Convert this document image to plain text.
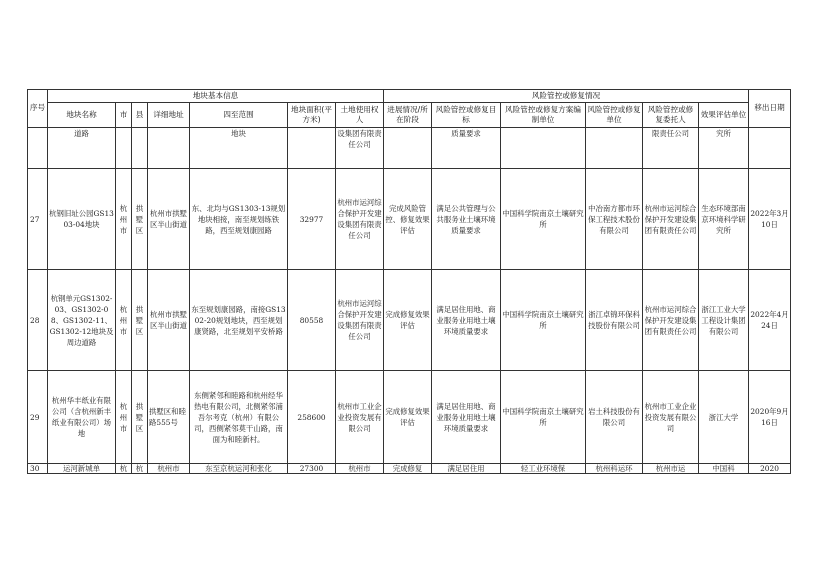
序号	地块基本信息							风险管控或修复情况						移出日期
	地块名称	市	县	详细地址	四至范围	地块面积(平方米)	土地使用权人	进展情况/所在阶段	风险管控或修复目标	风险管控或修复方案编制单位	风险管控或修复单位	风险管控或修复委托人	效果评估单位	
	道路				地块		设集团有限责任公司		质量要求			限责任公司	究所	
27	杭钢旧址公园GS1303-04地块	杭州市	拱墅区	杭州市拱墅区半山街道	东、北均与GS1303-13规划地块相接，南至规划练铁路，西至规划康园路	32977	杭州市运河综合保护开发建设集团有限责任公司	完成风险管控、修复效果评估	满足公共管理与公共服务业土壤环境质量要求	中国科学院南京土壤研究所	中冶南方都市环保工程技术股份有限公司	杭州市运河综合保护开发建设集团有限责任公司	生态环境部南京环境科学研究所	2022年3月10日
28	杭钢单元GS1302-03、GS1302-08、GS1302-11、GS1302-12地块及周边道路	杭州市	拱墅区	杭州市拱墅区半山街道	东至规划康园路，南接GS1302-20规划地块，西至规划康贤路，北至规划平安桥路	80558	杭州市运河综合保护开发建设集团有限责任公司	完成修复效果评估	满足居住用地、商业服务业用地土壤环境质量要求	中国科学院南京土壤研究所	浙江卓锦环保科技股份有限公司	杭州市运河综合保护开发建设集团有限责任公司	浙江工业大学工程设计集团有限公司	2022年4月24日
29	杭州华丰纸业有限公司（含杭州新丰纸业有限公司）场地	杭州市	拱墅区	拱墅区和睦路555号	东侧紧邻和睦路和杭州经华热电有限公司，北侧紧邻浦吾尔考克（杭州）有限公司，西侧紧邻莫干山路，南面为和睦新村。	258600	杭州市工业企业投资发展有限公司	完成修复效果评估	满足居住用地、商业服务业用地土壤环境质量要求	中国科学院南京土壤研究所	岩土科技股份有限公司	杭州市工业企业投资发展有限公司	浙江大学	2020年9月16日
30	运河新城单	杭	杭	杭州市	东至京杭运河和张化	27300	杭州市	完成修复	满足居住用	轻工业环境保	杭州科运环	杭州市运	中国科	2020
